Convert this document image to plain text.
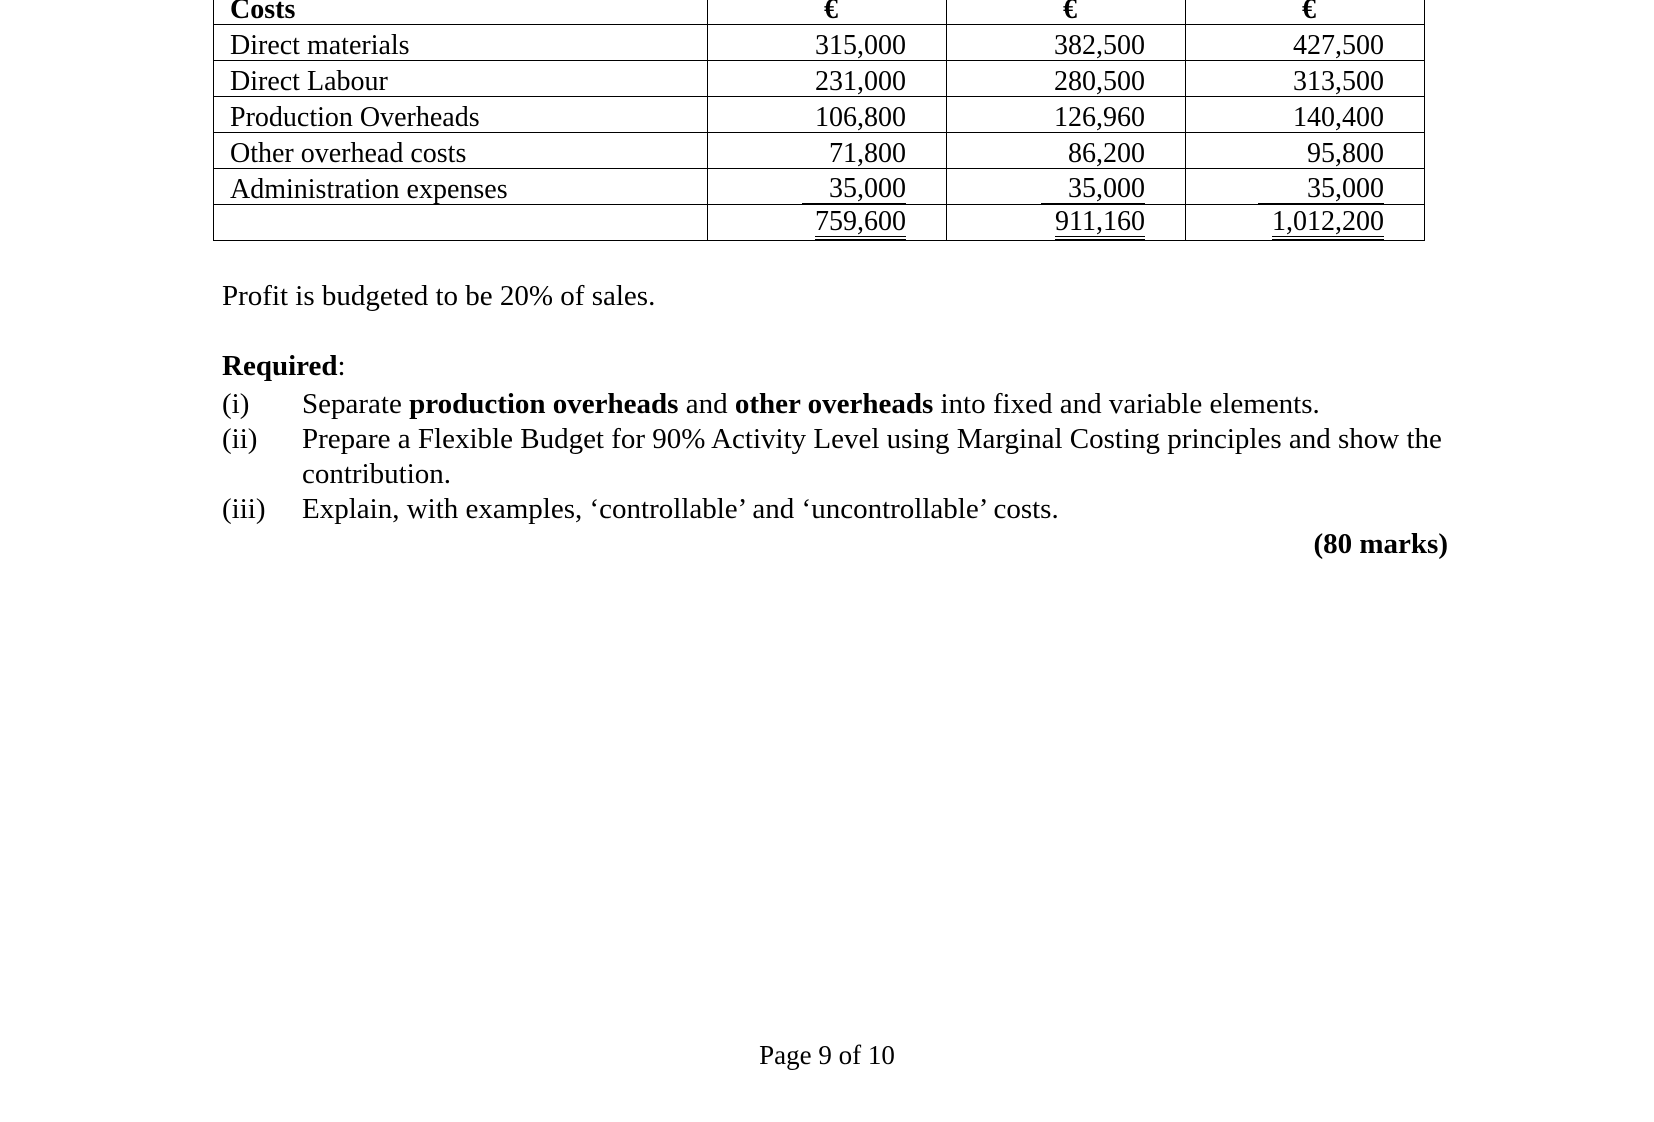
Costs	€	€	€
Direct materials	315,000	382,500	427,500
Direct Labour	231,000	280,500	313,500
Production Overheads	106,800	126,960	140,400
Other overhead costs	71,800	86,200	95,800
Administration expenses	35,000	35,000	35,000
	759,600	911,160	1,012,200
Profit is budgeted to be 20% of sales.
Required:
(i) Separate production overheads and other overheads into fixed and variable elements.
(ii) Prepare a Flexible Budget for 90% Activity Level using Marginal Costing principles and show the contribution.
(iii) Explain, with examples, ‘controllable’ and ‘uncontrollable’ costs.
(80 marks)
Page 9 of 10
